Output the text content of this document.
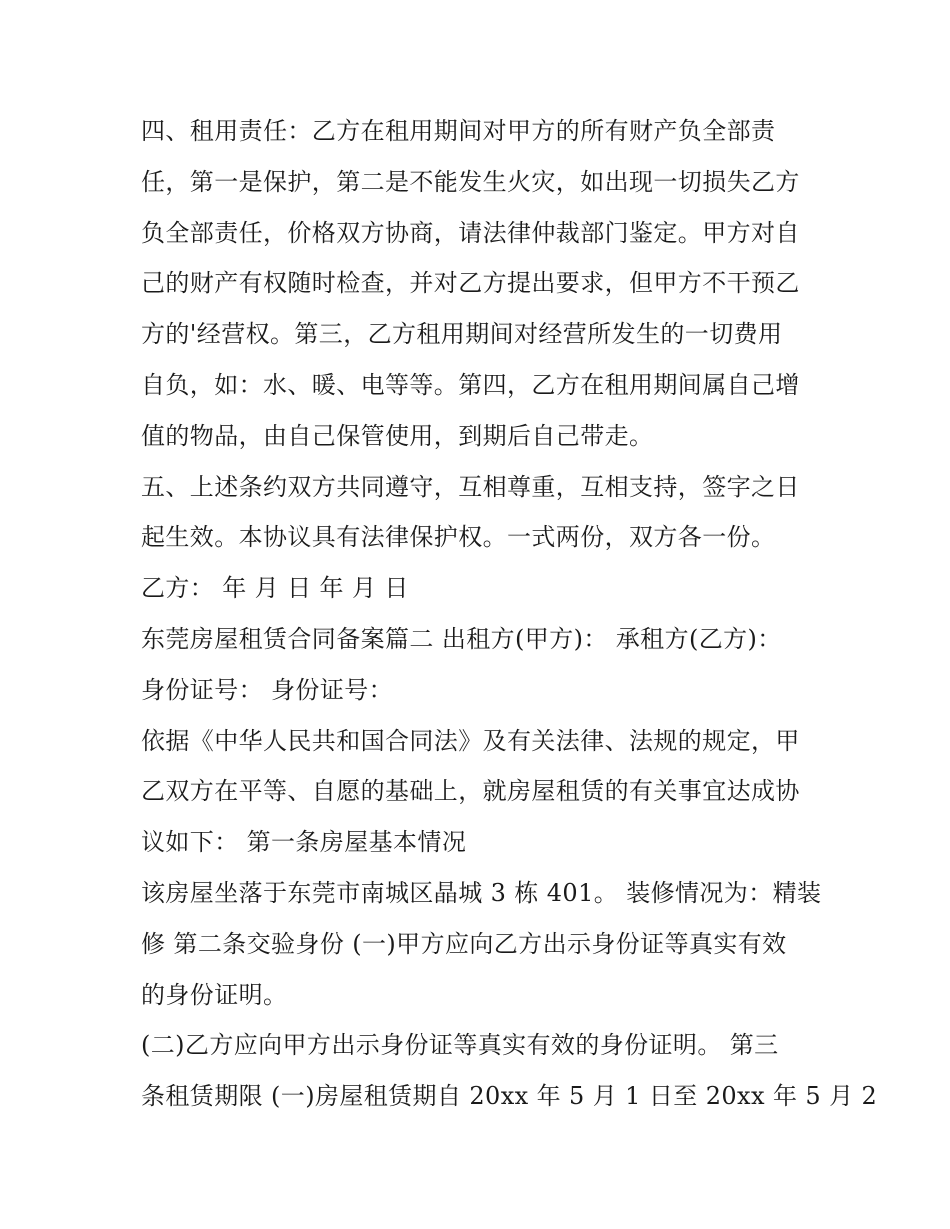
四、租用责任：乙方在租用期间对甲方的所有财产负全部责
任，第一是保护，第二是不能发生火灾，如出现一切损失乙方
负全部责任，价格双方协商，请法律仲裁部门鉴定。甲方对自
己的财产有权随时检查，并对乙方提出要求，但甲方不干预乙
方的'经营权。第三，乙方租用期间对经营所发生的一切费用
自负，如：水、暖、电等等。第四，乙方在租用期间属自己增
值的物品，由自己保管使用，到期后自己带走。
五、上述条约双方共同遵守，互相尊重，互相支持，签字之日
起生效。本协议具有法律保护权。一式两份，双方各一份。
乙方： 年 月 日 年 月 日
东莞房屋租赁合同备案篇二 出租方(甲方)： 承租方(乙方)：
身份证号： 身份证号：
依据《中华人民共和国合同法》及有关法律、法规的规定，甲
乙双方在平等、自愿的基础上，就房屋租赁的有关事宜达成协
议如下： 第一条房屋基本情况
该房屋坐落于东莞市南城区晶城 3 栋 401。 装修情况为：精装
修 第二条交验身份 (一)甲方应向乙方出示身份证等真实有效
的身份证明。
(二)乙方应向甲方出示身份证等真实有效的身份证明。 第三
条租赁期限 (一)房屋租赁期自 20xx 年 5 月 1 日至 20xx 年 5 月 2
